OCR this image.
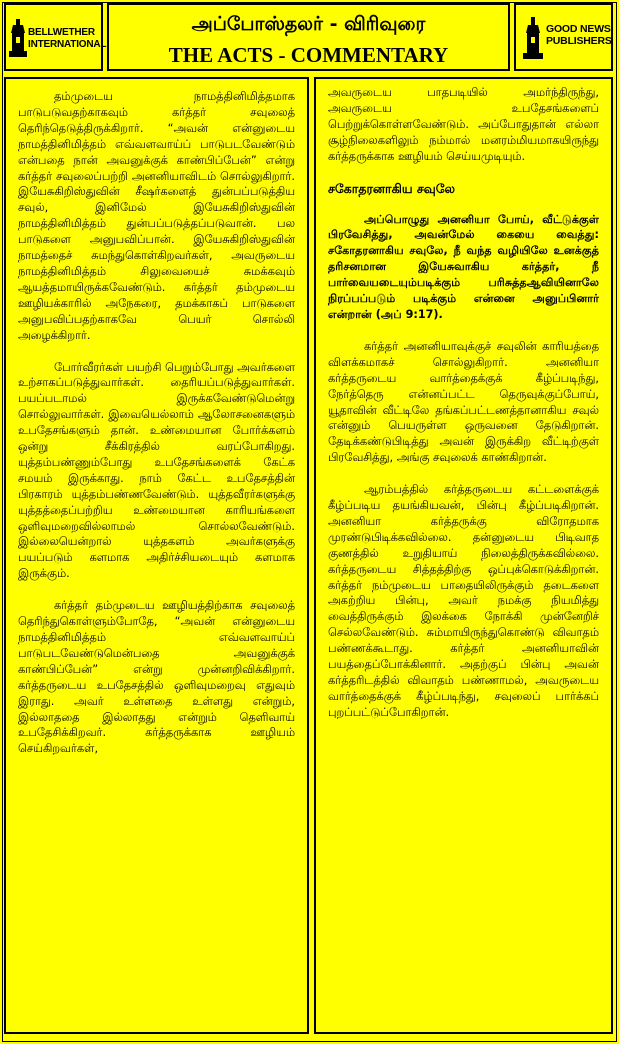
BELLWETHER
INTERNATIONAL
அப்போஸ்தலர் - விரிவுரை
THE ACTS - COMMENTARY
GOOD NEWS
PUBLISHERS

தம்முடைய நாமத்தினிமித்தமாக பாடுபடுவதற்காகவும் கர்த்தர் சவுலைத் தெரிந்தெடுத்திருக்கிறார். “அவன் என்னுடைய நாமத்தினிமித்தம் எவ்வளவாய்ப் பாடுபடவேண்டும் என்பதை நான் அவனுக்குக் காண்பிப்பேன்” என்று கர்த்தர் சவுலைப்பற்றி அனனியாவிடம் சொல்லுகிறார். இயேசுகிறிஸ்துவின் சீஷர்களைத் துன்பப்படுத்திய சவுல், இனிமேல் இயேசுகிறிஸ்துவின் நாமத்தினிமித்தம் துன்பப்படுத்தப்படுவான். பல பாடுகளை அனுபவிப்பான். இயேசுகிறிஸ்துவின் நாமத்தைச் சுமந்துகொள்கிறவர்கள், அவருடைய நாமத்தினிமித்தம் சிலுவையைச் சுமக்கவும் ஆயத்தமாயிருக்கவேண்டும். கர்த்தர் தம்முடைய ஊழியக்காரில் அநேகரை, தமக்காகப் பாடுகளை அனுபவிப்பதற்காகவே பெயர் சொல்லி அழைக்கிறார்.

போர்வீரர்கள் பயற்சி பெறும்போது அவர்களை உற்சாகப்படுத்துவார்கள். தைரியப்படுத்துவார்கள். பயப்படாமல் இருக்கவேண்டுமென்று சொல்லுவார்கள். இவையெல்லாம் ஆலோசனைகளும் உபதேசங்களும் தான். உண்மையான போர்க்களம் ஒன்று சீக்கிரத்தில் வரப்போகிறது. யுத்தம்பண்ணும்போது உபதேசங்களைக் கேட்க சமயம் இருக்காது. நாம் கேட்ட உபதேசத்தின் பிரகாரம் யுத்தம்பண்ணவேண்டும். யுத்தவீரர்களுக்கு யுத்தத்தைப்பற்றிய உண்மையான காரியங்களை ஒளிவுமறைவில்லாமல் சொல்லவேண்டும். இல்லையென்றால் யுத்தகளம் அவர்களுக்கு பயப்படும் களமாக அதிர்ச்சியடையும் களமாக இருக்கும்.

கர்த்தர் தம்முடைய ஊழியத்திற்காக சவுலைத் தெரிந்துகொள்ளும்போதே, “அவன் என்னுடைய நாமத்தினிமித்தம் எவ்வளவாய்ப் பாடுபடவேண்டுமென்பதை அவனுக்குக் காண்பிப்பேன்” என்று முன்னறிவிக்கிறார். கர்த்தருடைய உபதேசத்தில் ஒளிவுமறைவு எதுவும் இராது. அவர் உள்ளதை உள்ளது என்றும், இல்லாததை இல்லாதது என்றும் தெளிவாய் உபதேசிக்கிறவர். கர்த்தருக்காக ஊழியம் செய்கிறவர்கள்,

அவருடைய பாதபடியில் அமர்ந்திருந்து, அவருடைய உபதேசங்களைப் பெற்றுக்கொள்ளவேண்டும். அப்போதுதான் எல்லா சூழ்நிலைகளிலும் நம்மால் மனரம்மியமாகயிருந்து கர்த்தருக்காக ஊழியம் செய்யமுடியும்.

சகோதரனாகிய சவுலே

அப்பொழுது அனனியா போய், வீட்டுக்குள் பிரவேசித்து, அவன்மேல் கையை வைத்து: சகோதரனாகிய சவுலே, நீ வந்த வழியிலே உனக்குத் தரிசனமான இயேசுவாகிய கர்த்தர், நீ பார்வையடையும்படிக்கும் பரிசுத்தஆவியினாலே நிரப்பப்படும் படிக்கும் என்னை அனுப்பினார் என்றான் (அப் 9:17).

கர்த்தர் அனனியாவுக்குச் சவுலின் காரியத்தை விளக்கமாகச் சொல்லுகிறார். அனனியா கர்த்தருடைய வார்த்தைக்குக் கீழ்ப்படிந்து, நேர்த்தெரு என்னப்பட்ட தெருவுக்குப்போய், யூதாவின் வீட்டிலே தங்கப்பட்டணத்தானாகிய சவுல் என்னும் பெயருள்ள ஒருவனை தேடுகிறான். தேடிக்கண்டுபிடித்து அவன் இருக்கிற வீட்டிற்குள் பிரவேசித்து, அங்கு சவுலைக் காண்கிறான்.

ஆரம்பத்தில் கர்த்தருடைய கட்டளைக்குக் கீழ்ப்படிய தயங்கியவன், பின்பு கீழ்ப்படிகிறான். அனனியா கர்த்தருக்கு விரோதமாக முரண்டுபிடிக்கவில்லை. தன்னுடைய பிடிவாத குணத்தில் உறுதியாய் நிலைத்திருக்கவில்லை. கர்த்தருடைய சித்தத்திற்கு ஒப்புக்கொடுக்கிறான். கர்த்தர் நம்முடைய பாதையிலிருக்கும் தடைகளை அகற்றிய பின்பு, அவர் நமக்கு நியமித்து வைத்திருக்கும் இலக்கை நோக்கி முன்னேறிச் செல்லவேண்டும். சும்மாயிருந்துகொண்டு விவாதம் பண்ணக்கூடாது. கர்த்தர் அனனியாவின் பயத்தைப்போக்கினார். அதற்குப் பின்பு அவன் கர்த்தரிடத்தில் விவாதம் பண்ணாமல், அவருடைய வார்த்தைக்குக் கீழ்ப்படிந்து, சவுலைப் பார்க்கப் புறப்பட்டுப்போகிறான்.
